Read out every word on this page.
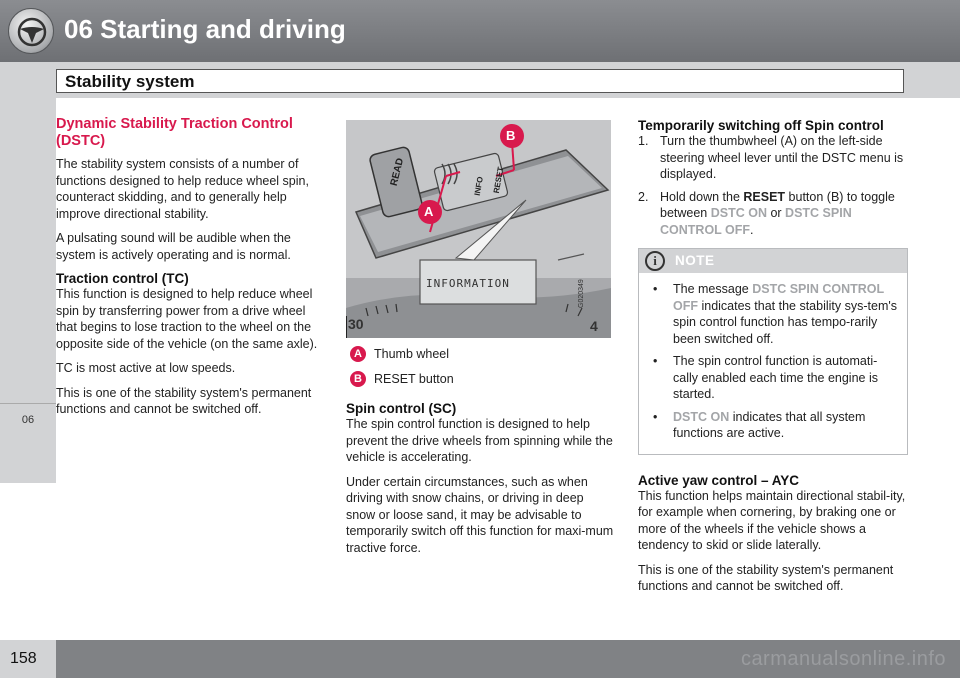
06 Starting and driving
Stability system
06
Dynamic Stability Traction Control (DSTC)

The stability system consists of a number of functions designed to help reduce wheel spin, counteract skidding, and to generally help improve directional stability.

A pulsating sound will be audible when the system is actively operating and is normal.

Traction control (TC)

This function is designed to help reduce wheel spin by transferring power from a drive wheel that begins to lose traction to the wheel on the opposite side of the vehicle (on the same axle).

TC is most active at low speeds.

This is one of the stability system's permanent functions and cannot be switched off.

READ	INFO RESET
INFORMATION
30	4
G020349
A
B
A Thumb wheel
B RESET button
Spin control (SC)

The spin control function is designed to help prevent the drive wheels from spinning while the vehicle is accelerating.

Under certain circumstances, such as when driving with snow chains, or driving in deep snow or loose sand, it may be advisable to temporarily switch off this function for maxi-mum tractive force.

Temporarily switching off Spin control
1. Turn the thumbwheel (A) on the left-side steering wheel lever until the DSTC menu is displayed.
2. Hold down the RESET button (B) to toggle between DSTC ON or DSTC SPIN CONTROL OFF.
i	NOTE
•	The message DSTC SPIN CONTROL OFF indicates that the stability sys-tem's spin control function has tempo-rarily been switched off.
•	The spin control function is automati-cally enabled each time the engine is started.
•	DSTC ON indicates that all system functions are active.
Active yaw control – AYC

This function helps maintain directional stabil-ity, for example when cornering, by braking one or more of the wheels if the vehicle shows a tendency to skid or slide laterally.

This is one of the stability system's permanent functions and cannot be switched off.

158	carmanualsonline.info
